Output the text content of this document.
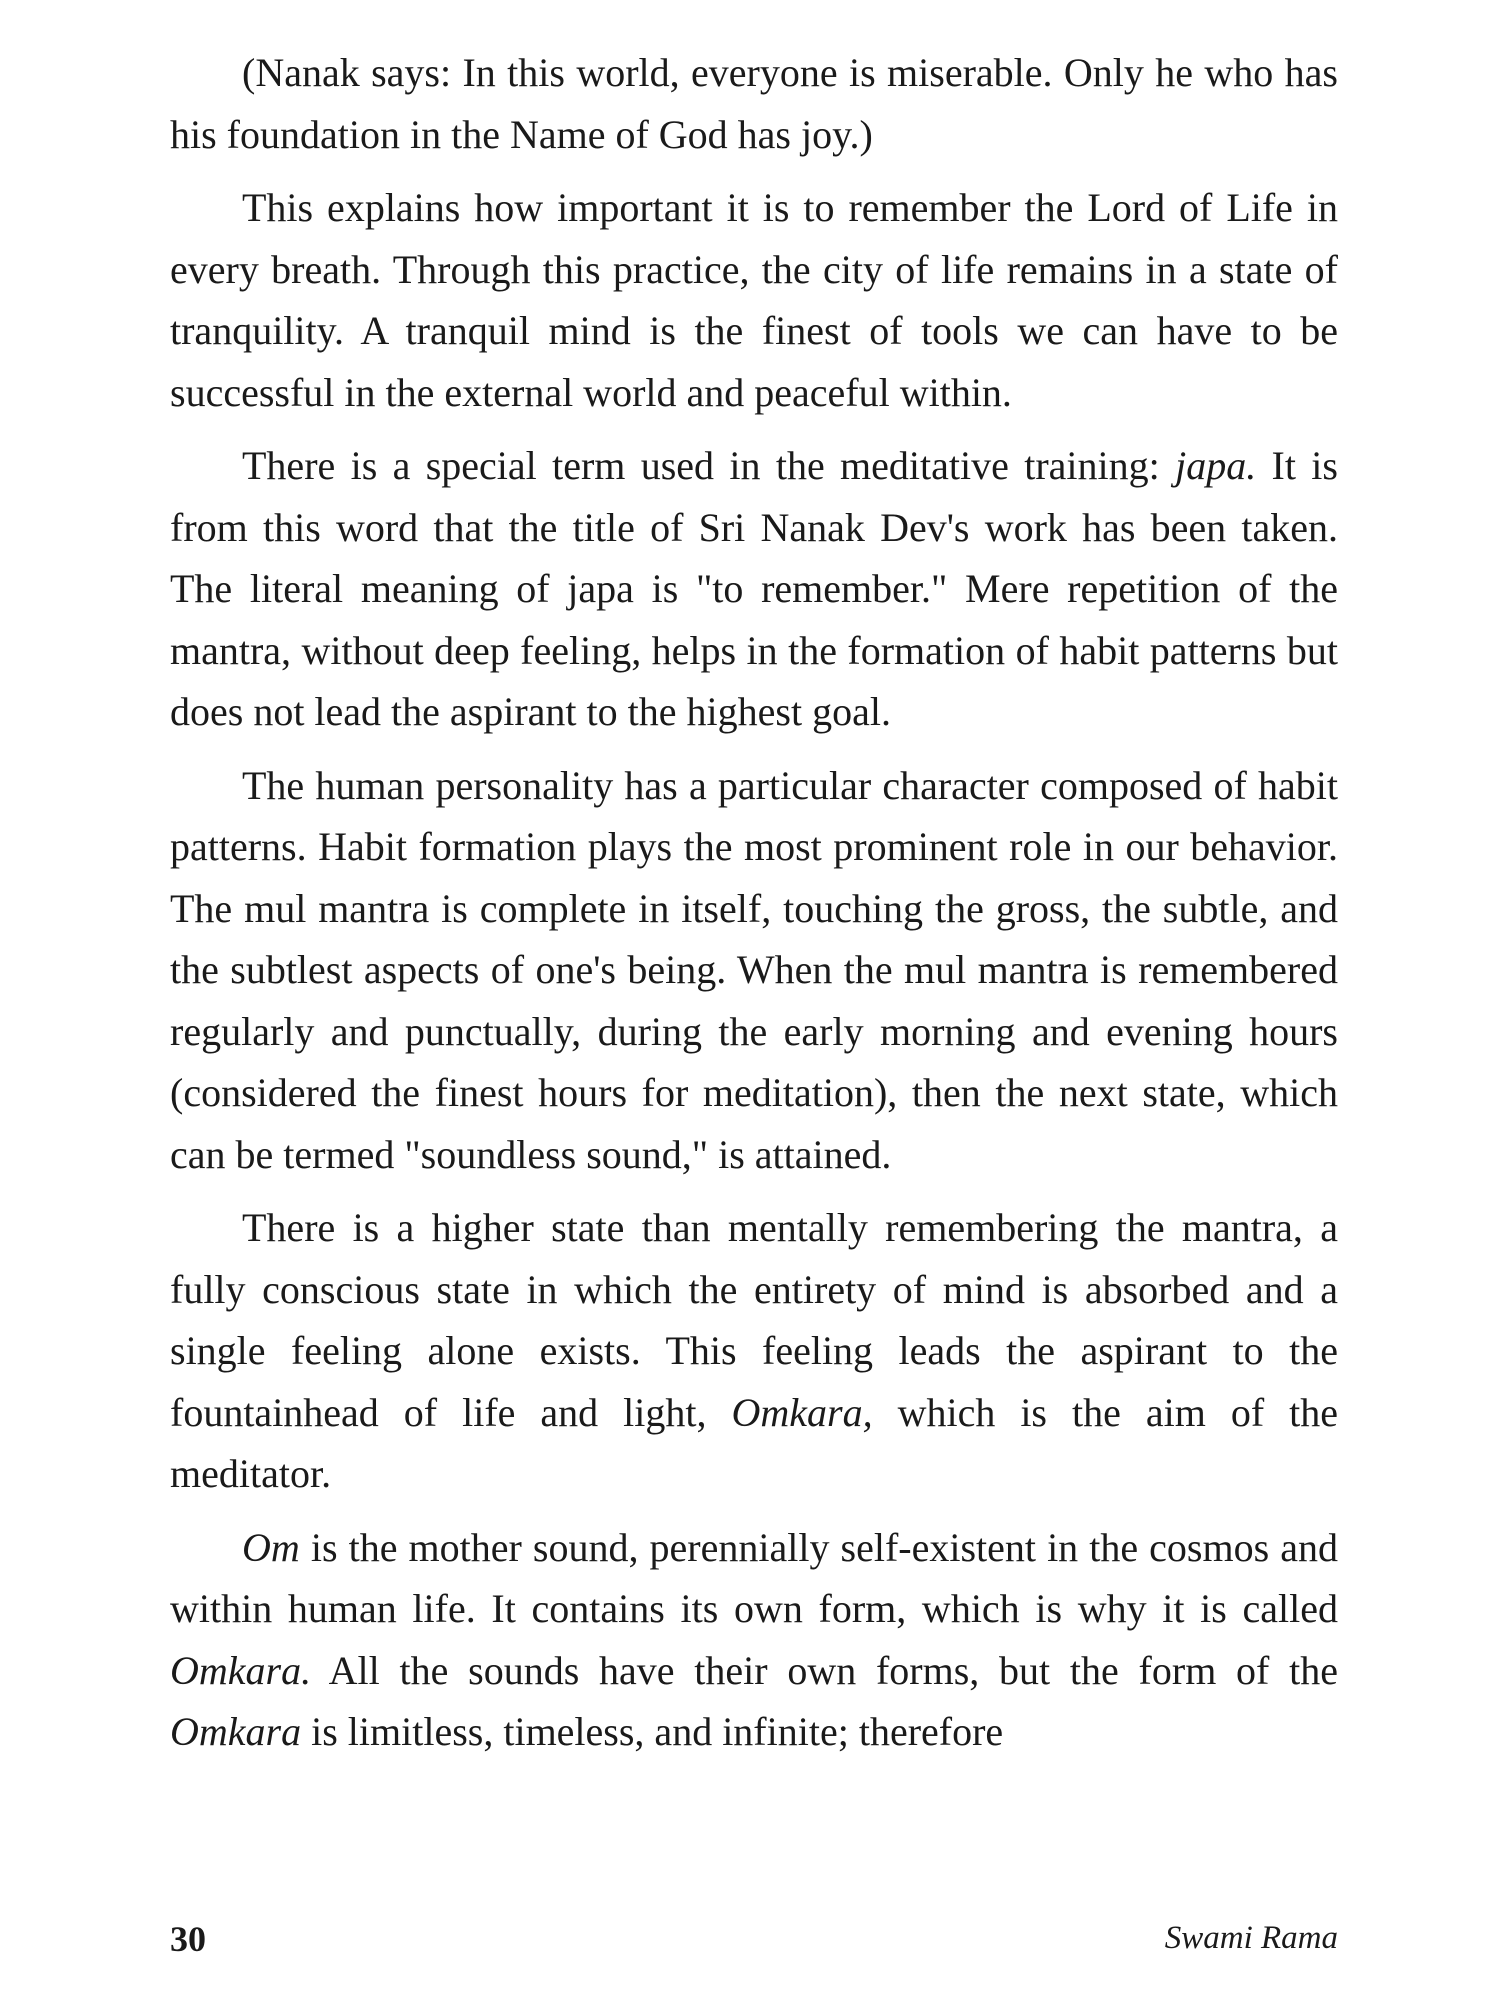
(Nanak says: In this world, everyone is miserable. Only he who has his foundation in the Name of God has joy.)

This explains how important it is to remember the Lord of Life in every breath. Through this practice, the city of life remains in a state of tranquility. A tranquil mind is the finest of tools we can have to be successful in the external world and peaceful within.

There is a special term used in the meditative training: japa. It is from this word that the title of Sri Nanak Dev's work has been taken. The literal meaning of japa is "to remember." Mere repetition of the mantra, without deep feeling, helps in the formation of habit patterns but does not lead the aspirant to the highest goal.

The human personality has a particular character composed of habit patterns. Habit formation plays the most prominent role in our behavior. The mul mantra is complete in itself, touching the gross, the subtle, and the subtlest aspects of one's being. When the mul mantra is remembered regularly and punctually, during the early morning and evening hours (considered the finest hours for meditation), then the next state, which can be termed "soundless sound," is attained.

There is a higher state than mentally remembering the mantra, a fully conscious state in which the entirety of mind is absorbed and a single feeling alone exists. This feeling leads the aspirant to the fountainhead of life and light, Omkara, which is the aim of the meditator.

Om is the mother sound, perennially self-existent in the cosmos and within human life. It contains its own form, which is why it is called Omkara. All the sounds have their own forms, but the form of the Omkara is limitless, timeless, and infinite; therefore

30	Swami Rama
